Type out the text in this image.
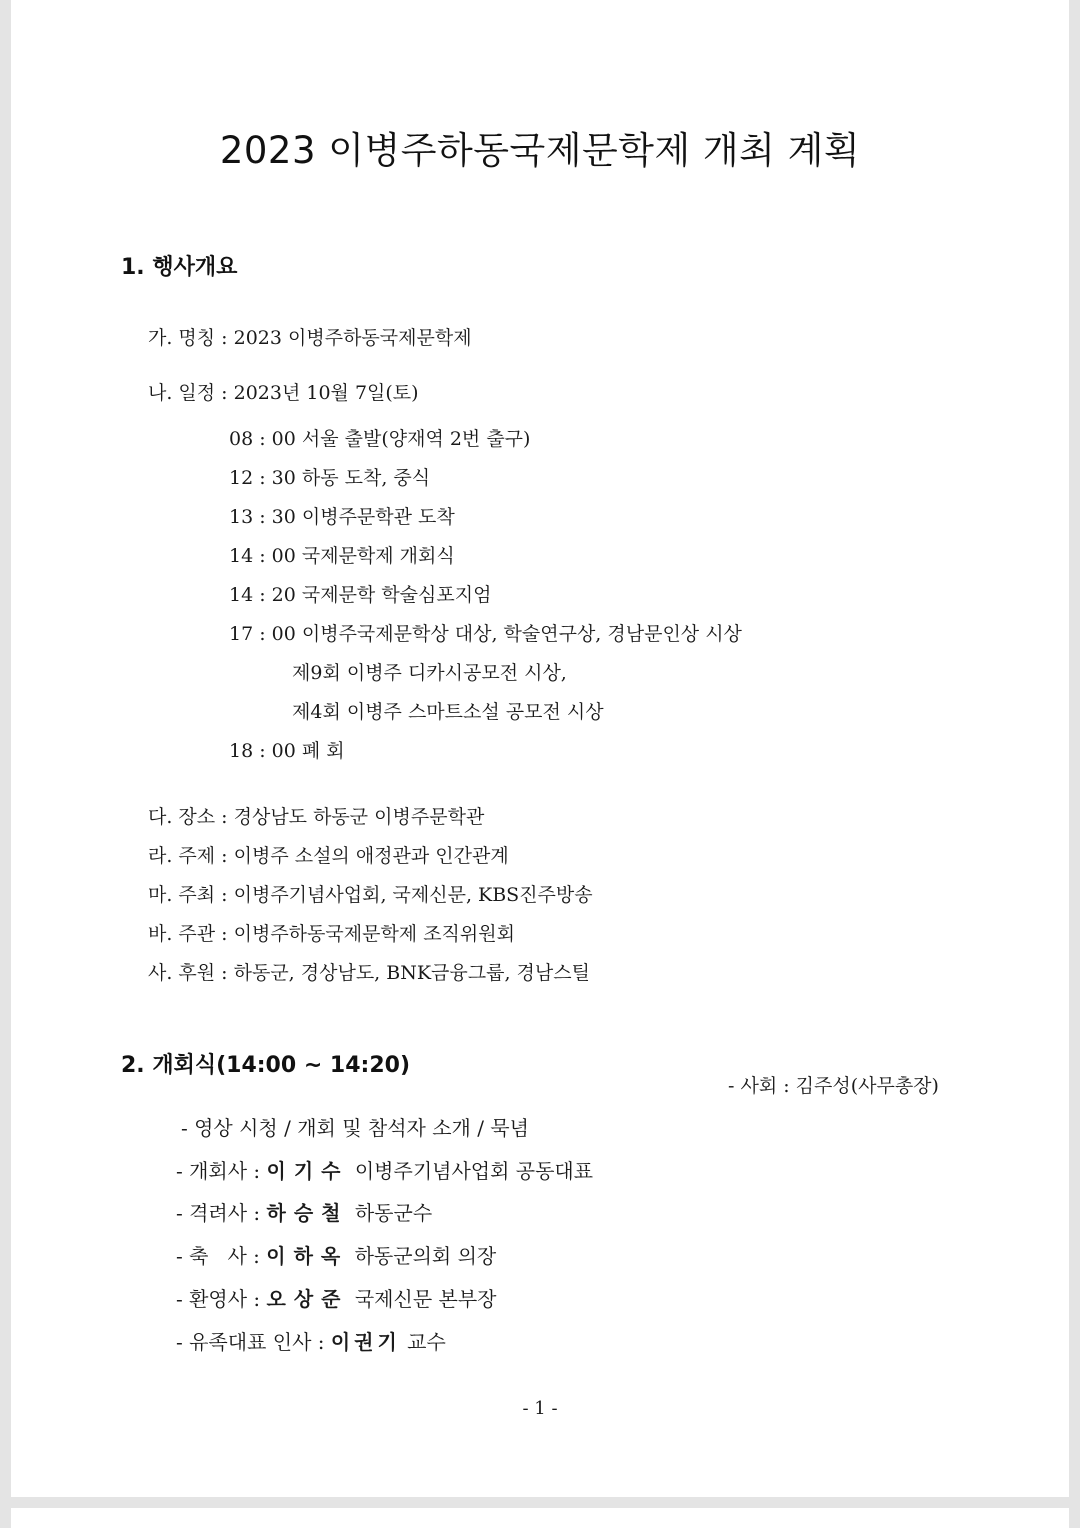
2023 이병주하동국제문학제 개최 계획
1. 행사개요
가. 명칭 : 2023 이병주하동국제문학제
나. 일정 : 2023년 10월 7일(토)
08 : 00 서울 출발(양재역 2번 출구)
12 : 30 하동 도착, 중식
13 : 30 이병주문학관 도착
14 : 00 국제문학제 개회식
14 : 20 국제문학 학술심포지엄
17 : 00 이병주국제문학상 대상, 학술연구상, 경남문인상 시상
제9회 이병주 디카시공모전 시상,
제4회 이병주 스마트소설 공모전 시상
18 : 00 폐 회
다. 장소 : 경상남도 하동군 이병주문학관
라. 주제 : 이병주 소설의 애정관과 인간관계
마. 주최 : 이병주기념사업회, 국제신문, KBS진주방송
바. 주관 : 이병주하동국제문학제 조직위원회
사. 후원 : 하동군, 경상남도, BNK금융그룹, 경남스틸
2. 개회식(14:00 ~ 14:20)
- 사회 : 김주성(사무총장)
- 영상 시청 / 개회 및 참석자 소개 / 묵념
- 개회사 : 이기수 이병주기념사업회 공동대표
- 격려사 : 하승철 하동군수
- 축   사 : 이하옥 하동군의회 의장
- 환영사 : 오상준 국제신문 본부장
- 유족대표 인사 : 이권기 교수
- 1 -
